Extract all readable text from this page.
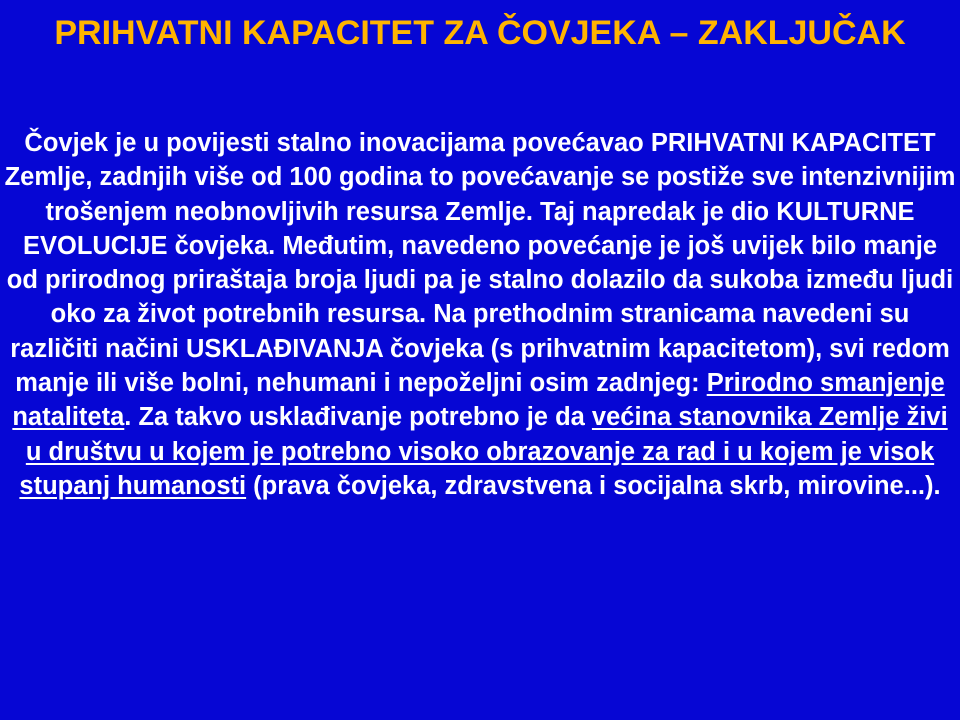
PRIHVATNI KAPACITET ZA ČOVJEKA – ZAKLJUČAK

Čovjek je u povijesti stalno inovacijama povećavao PRIHVATNI KAPACITET Zemlje, zadnjih više od 100 godina to povećavanje se postiže sve intenzivnijim trošenjem neobnovljivih resursa Zemlje. Taj napredak je dio KULTURNE EVOLUCIJE čovjeka. Međutim, navedeno povećanje je još uvijek bilo manje od prirodnog priraštaja broja ljudi pa je stalno dolazilo da sukoba između ljudi oko za život potrebnih resursa. Na prethodnim stranicama navedeni su različiti načini USKLAĐIVANJA čovjeka (s prihvatnim kapacitetom), svi redom manje ili više bolni, nehumani i nepoželjni osim zadnjeg: Prirodno smanjenje nataliteta. Za takvo usklađivanje potrebno je da većina stanovnika Zemlje živi u društvu u kojem je potrebno visoko obrazovanje za rad i u kojem je visok stupanj humanosti (prava čovjeka, zdravstvena i socijalna skrb, mirovine...).
